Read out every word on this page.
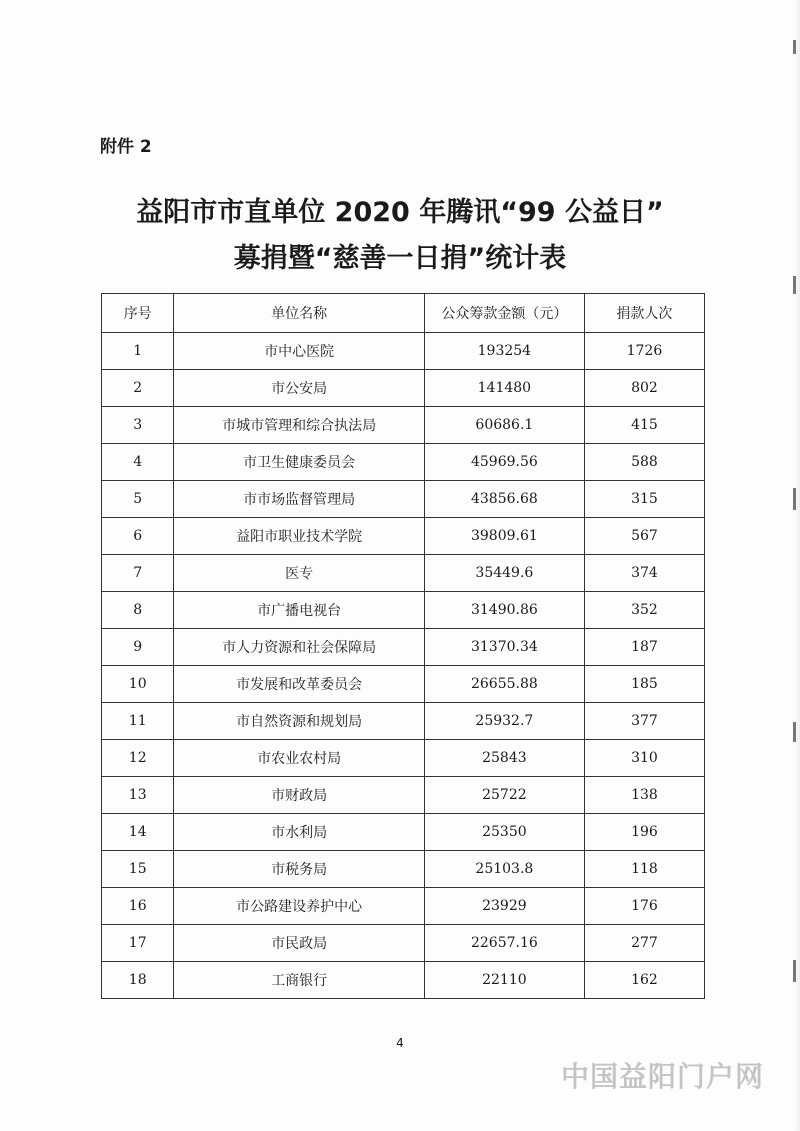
附件 2
益阳市市直单位 2020 年腾讯“99 公益日”
募捐暨“慈善一日捐”统计表
序号	单位名称	公众筹款金额（元）	捐款人次
1	市中心医院	193254	1726
2	市公安局	141480	802
3	市城市管理和综合执法局	60686.1	415
4	市卫生健康委员会	45969.56	588
5	市市场监督管理局	43856.68	315
6	益阳市职业技术学院	39809.61	567
7	医专	35449.6	374
8	市广播电视台	31490.86	352
9	市人力资源和社会保障局	31370.34	187
10	市发展和改革委员会	26655.88	185
11	市自然资源和规划局	25932.7	377
12	市农业农村局	25843	310
13	市财政局	25722	138
14	市水利局	25350	196
15	市税务局	25103.8	118
16	市公路建设养护中心	23929	176
17	市民政局	22657.16	277
18	工商银行	22110	162
4
中国益阳门户网
